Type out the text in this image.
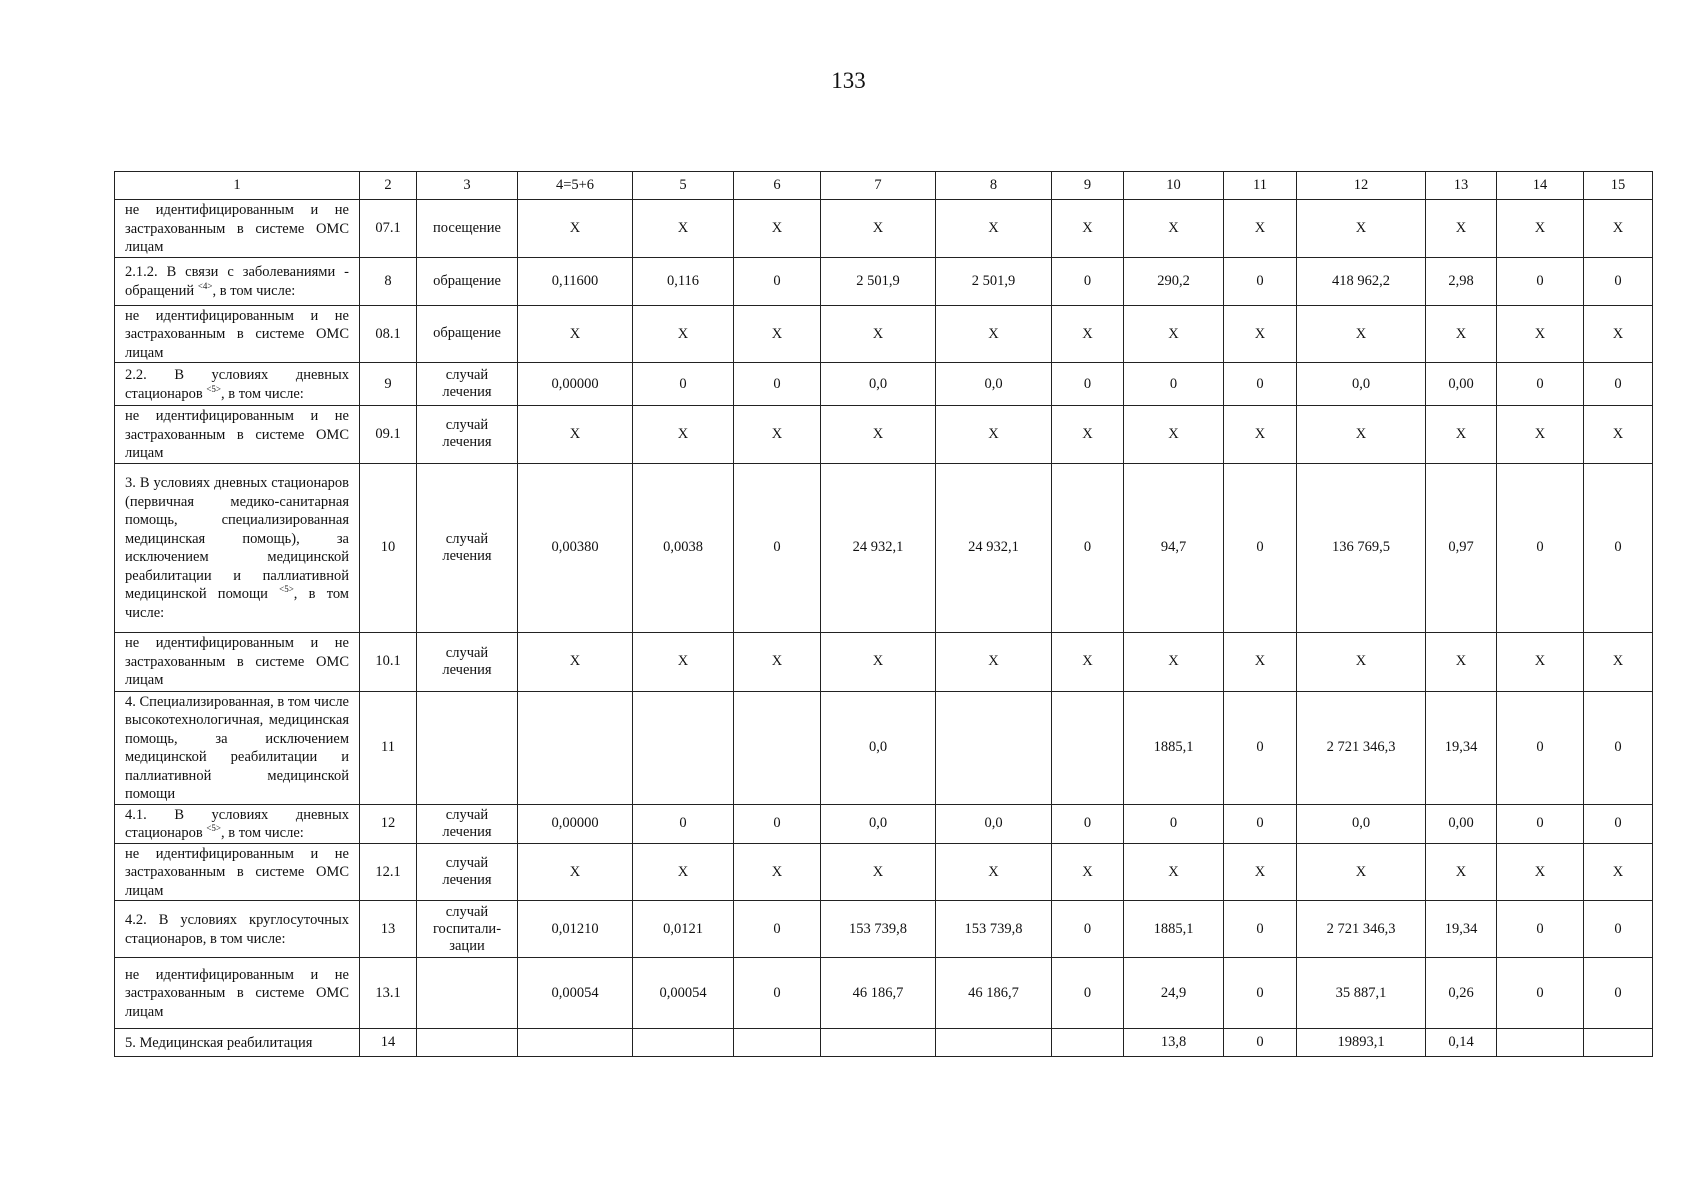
133
1	2	3	4=5+6	5	6	7	8	9	10	11	12	13	14	15
не идентифицированным и не застрахованным в системе ОМС лицам	07.1	посещение	X	X	X	X	X	X	X	X	X	X	X	X
2.1.2. В связи с заболеваниями - обращений $^{<4>}$, в том числе:	8	обращение	0,11600	0,116	0	2 501,9	2 501,9	0	290,2	0	418 962,2	2,98	0	0
не идентифицированным и не застрахованным в системе ОМС лицам	08.1	обращение	X	X	X	X	X	X	X	X	X	X	X	X
2.2. В условиях дневных стационаров $^{<5>}$, в том числе:	9	случай лечения	0,00000	0	0	0,0	0,0	0	0	0	0,0	0,00	0	0
не идентифицированным и не застрахованным в системе ОМС лицам	09.1	случай лечения	X	X	X	X	X	X	X	X	X	X	X	X
3. В условиях дневных стационаров (первичная медико-санитарная помощь, специализированная медицинская помощь), за исключением медицинской реабилитации и паллиативной медицинской помощи $^{<5>}$, в том числе:	10	случай лечения	0,00380	0,0038	0	24 932,1	24 932,1	0	94,7	0	136 769,5	0,97	0	0
не идентифицированным и не застрахованным в системе ОМС лицам	10.1	случай лечения	X	X	X	X	X	X	X	X	X	X	X	X
4. Специализированная, в том числе высокотехнологичная, медицинская помощь, за исключением медицинской реабилитации и паллиативной медицинской помощи	11					0,0			1885,1	0	2 721 346,3	19,34	0	0
4.1. В условиях дневных стационаров $^{<5>}$, в том числе:	12	случай лечения	0,00000	0	0	0,0	0,0	0	0	0	0,0	0,00	0	0
не идентифицированным и не застрахованным в системе ОМС лицам	12.1	случай лечения	X	X	X	X	X	X	X	X	X	X	X	X
4.2. В условиях круглосуточных стационаров, в том числе:	13	случай госпитали-зации	0,01210	0,0121	0	153 739,8	153 739,8	0	1885,1	0	2 721 346,3	19,34	0	0
не идентифицированным и не застрахованным в системе ОМС лицам	13.1		0,00054	0,00054	0	46 186,7	46 186,7	0	24,9	0	35 887,1	0,26	0	0
5. Медицинская реабилитация	14								13,8	0	19893,1	0,14		
